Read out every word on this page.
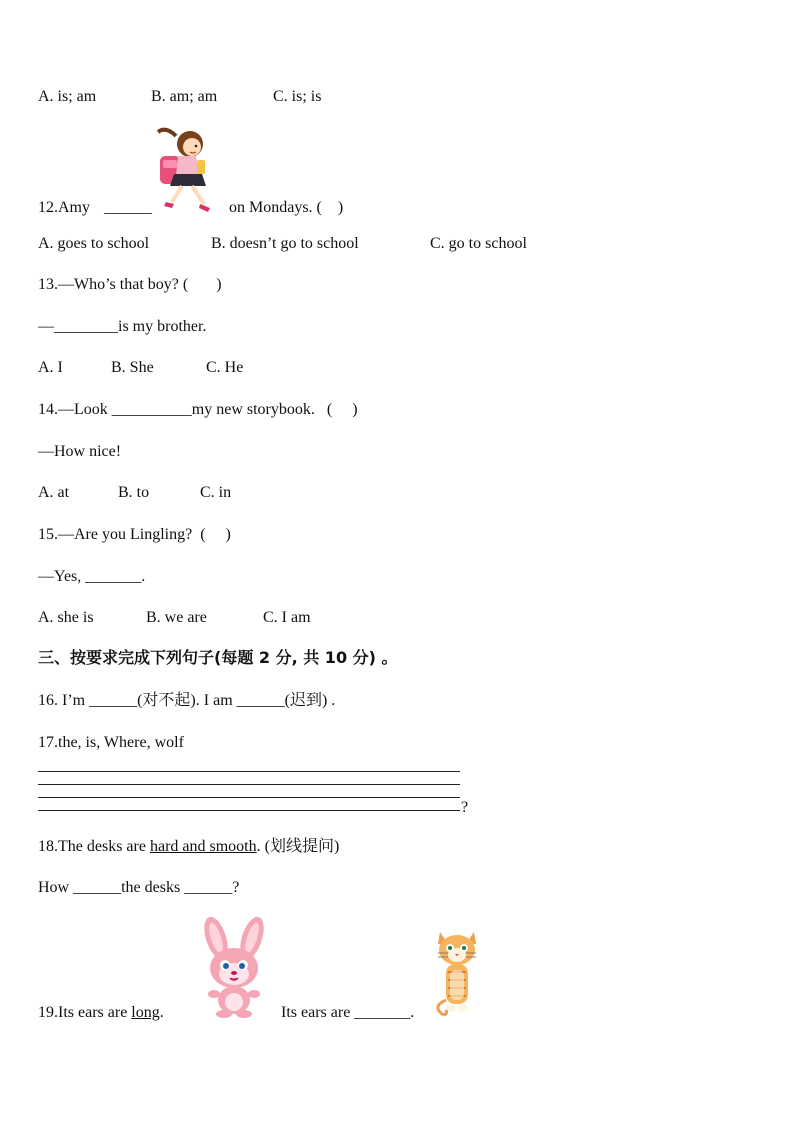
A. is; am	B. am; am	C. is; is
12.Amy ______	on Mondays. (    )
A. goes to school	B. doesn’t go to school	C. go to school
13.—Who’s that boy? (       )
—________is my brother.
A. I	B. She	C. He
14.—Look __________my new storybook.   (     )
—How nice!
A. at	B. to	C. in
15.—Are you Lingling?  (     )
—Yes, _______.
A. she is	B. we are	C. I am
三、按要求完成下列句子(每题 2 分, 共 10 分) 。
16. I’m ______(对不起). I am ______(迟到) .
17.the, is, Where, wolf
?
18.The desks are hard and smooth. (划线提问)
How ______the desks ______?
19.Its ears are long.	Its ears are _______.
